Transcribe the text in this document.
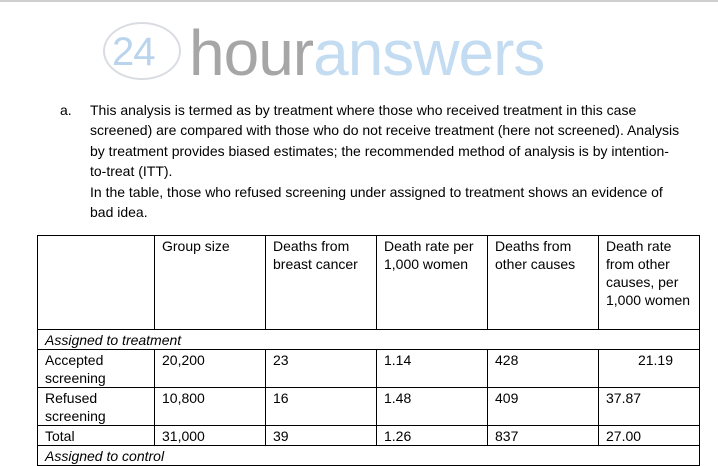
24 houranswers
a. This analysis is termed as by treatment where those who received treatment in this case
screened) are compared with those who do not receive treatment (here not screened). Analysis
by treatment provides biased estimates; the recommended method of analysis is by intention-
to-treat (ITT).
In the table, those who refused screening under assigned to treatment shows an evidence of
bad idea.
	Group size	Deaths from breast cancer	Death rate per 1,000 women	Deaths from other causes	Death rate from other causes, per 1,000 women
Assigned to treatment					
Accepted screening	20,200	23	1.14	428	21.19
Refused screening	10,800	16	1.48	409	37.87
Total	31,000	39	1.26	837	27.00
Assigned to control					
